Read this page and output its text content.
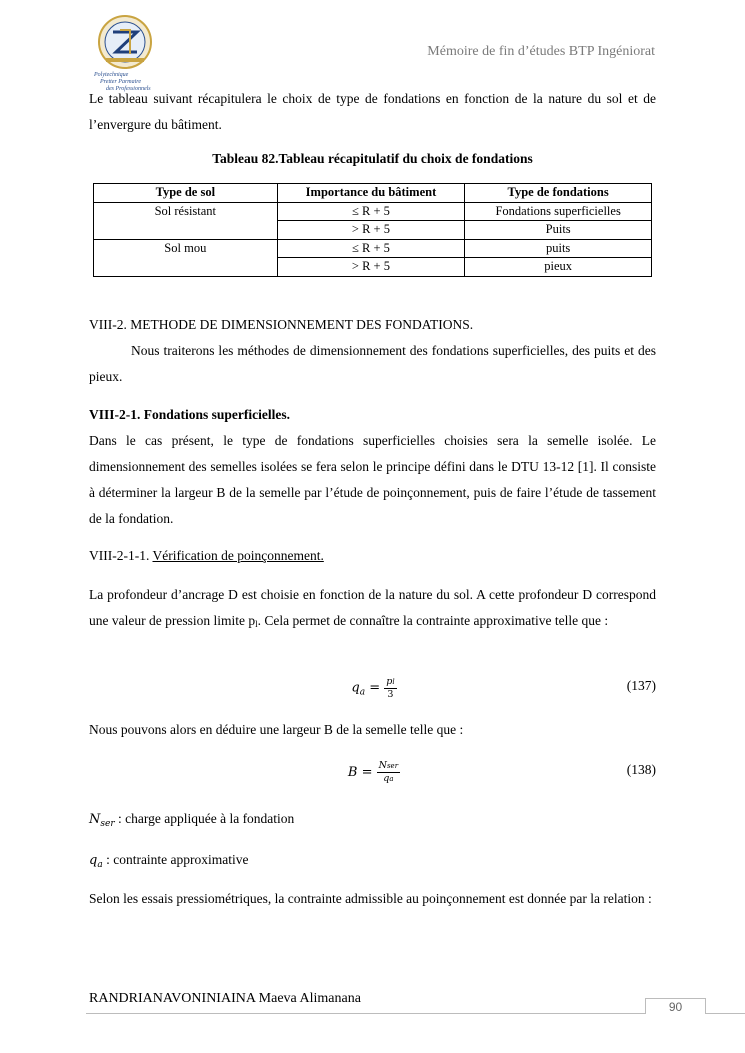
Polytechnique
Pretter Parmaire
des Professionnels
Mémoire de fin d’études BTP Ingéniorat
Le tableau suivant récapitulera le choix de type de fondations en fonction de la nature du sol et de l’envergure du bâtiment.
Tableau 82.Tableau récapitulatif du choix de fondations
Type de sol	Importance du bâtiment	Type de fondations
Sol résistant	≤ R + 5	Fondations superficielles
	> R + 5	Puits
Sol mou	≤ R + 5	puits
	> R + 5	pieux
VIII-2. METHODE DE DIMENSIONNEMENT DES FONDATIONS.
Nous traiterons les méthodes de dimensionnement des fondations superficielles, des puits et des pieux.
VIII-2-1. Fondations superficielles.
Dans le cas présent, le type de fondations superficielles choisies sera la semelle isolée. Le dimensionnement des semelles isolées se fera selon le principe défini dans le DTU 13-12 [1]. Il consiste à déterminer la largeur B de la semelle par l’étude de poinçonnement, puis de faire l’étude de tassement de la fondation.
VIII-2-1-1. Vérification de poinçonnement.
La profondeur d’ancrage D est choisie en fonction de la nature du sol. A cette profondeur D correspond une valeur de pression limite pl. Cela permet de connaître la contrainte approximative telle que :
$q_a = \frac{pl}{3}$	(137)
Nous pouvons alors en déduire une largeur B de la semelle telle que :
$B = \frac{\text{Nser}}{qa}$	(138)
$N_{ser}$ : charge appliquée à la fondation
$q_a$ : contrainte approximative
Selon les essais pressiométriques, la contrainte admissible au poinçonnement est donnée par la relation :
RANDRIANAVONINIAINA Maeva Alimanana
90
